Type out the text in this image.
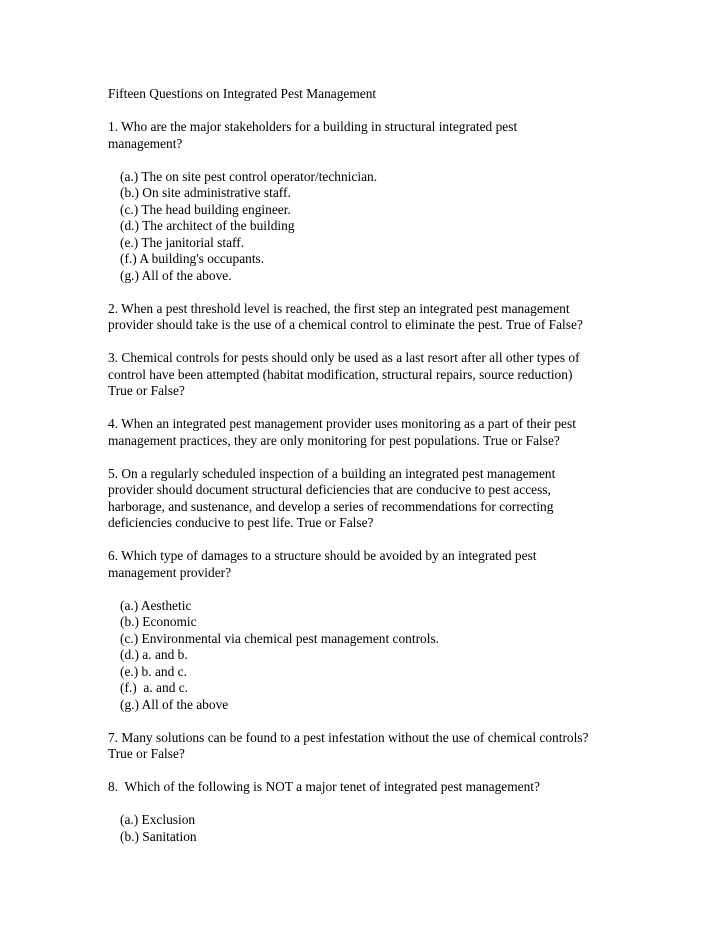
Fifteen Questions on Integrated Pest Management
1. Who are the major stakeholders for a building in structural integrated pest
management?
(a.) The on site pest control operator/technician.
(b.) On site administrative staff.
(c.) The head building engineer.
(d.) The architect of the building
(e.) The janitorial staff.
(f.) A building's occupants.
(g.) All of the above.
2. When a pest threshold level is reached, the first step an integrated pest management
provider should take is the use of a chemical control to eliminate the pest. True of False?
3. Chemical controls for pests should only be used as a last resort after all other types of
control have been attempted (habitat modification, structural repairs, source reduction)
True or False?
4. When an integrated pest management provider uses monitoring as a part of their pest
management practices, they are only monitoring for pest populations. True or False?
5. On a regularly scheduled inspection of a building an integrated pest management
provider should document structural deficiencies that are conducive to pest access,
harborage, and sustenance, and develop a series of recommendations for correcting
deficiencies conducive to pest life. True or False?
6. Which type of damages to a structure should be avoided by an integrated pest
management provider?
(a.) Aesthetic
(b.) Economic
(c.) Environmental via chemical pest management controls.
(d.) a. and b.
(e.) b. and c.
(f.)  a. and c.
(g.) All of the above
7. Many solutions can be found to a pest infestation without the use of chemical controls?
True or False?
8.  Which of the following is NOT a major tenet of integrated pest management?
(a.) Exclusion
(b.) Sanitation
